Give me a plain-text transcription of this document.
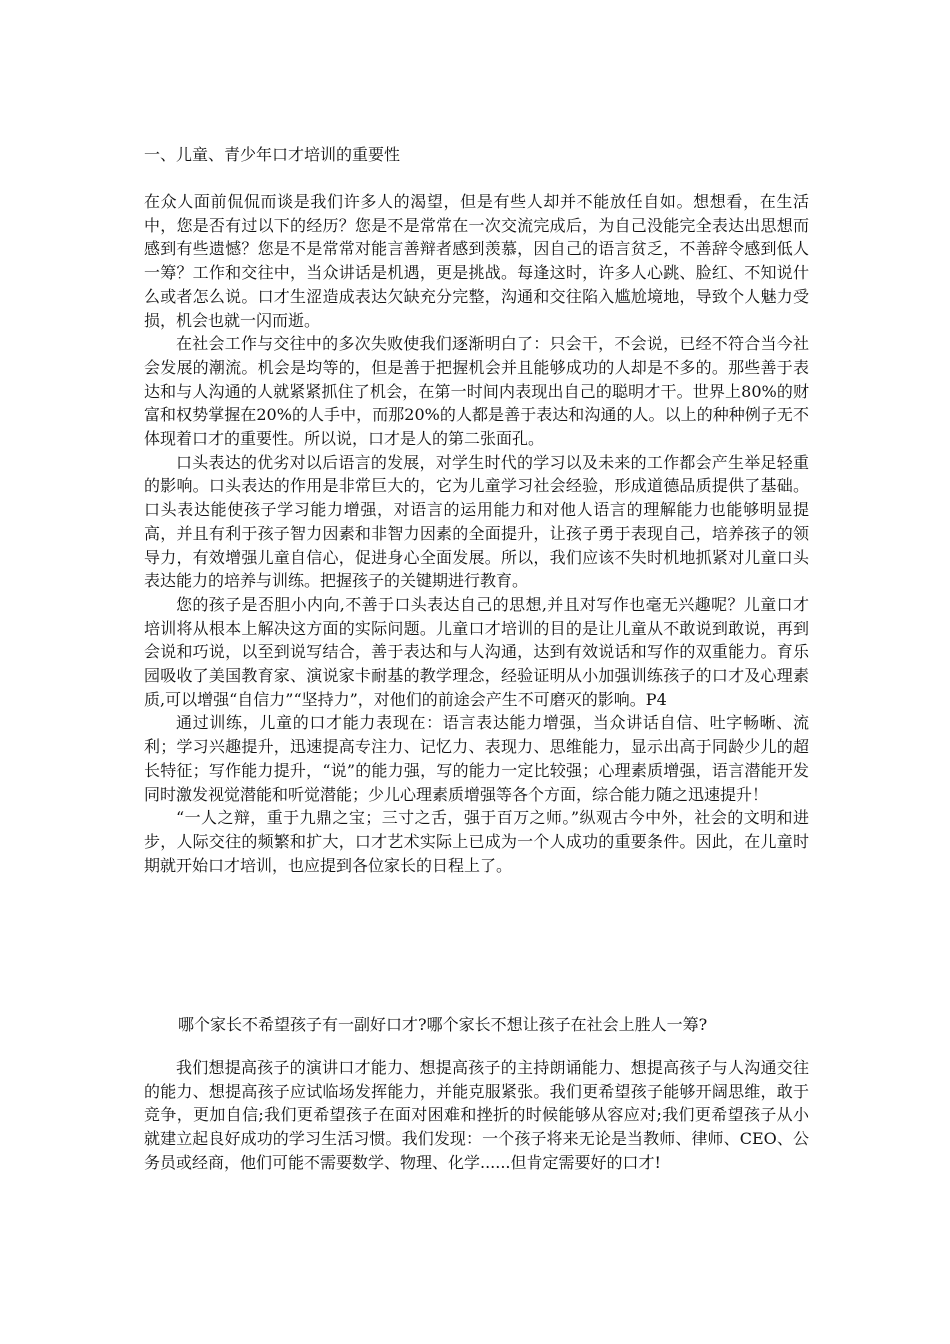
一、儿童、青少年口才培训的重要性

在众人面前侃侃而谈是我们许多人的渴望，但是有些人却并不能放任自如。想想看，在生活中，您是否有过以下的经历？您是不是常常在一次交流完成后，为自己没能完全表达出思想而感到有些遗憾？您是不是常常对能言善辩者感到羡慕，因自己的语言贫乏，不善辞令感到低人一筹？工作和交往中，当众讲话是机遇，更是挑战。每逢这时，许多人心跳、脸红、不知说什么或者怎么说。口才生涩造成表达欠缺充分完整，沟通和交往陷入尴尬境地，导致个人魅力受损，机会也就一闪而逝。

在社会工作与交往中的多次失败使我们逐渐明白了：只会干，不会说，已经不符合当今社会发展的潮流。机会是均等的，但是善于把握机会并且能够成功的人却是不多的。那些善于表达和与人沟通的人就紧紧抓住了机会，在第一时间内表现出自己的聪明才干。世界上80%的财富和权势掌握在20%的人手中，而那20%的人都是善于表达和沟通的人。以上的种种例子无不体现着口才的重要性。所以说，口才是人的第二张面孔。

口头表达的优劣对以后语言的发展，对学生时代的学习以及未来的工作都会产生举足轻重的影响。口头表达的作用是非常巨大的，它为儿童学习社会经验，形成道德品质提供了基础。口头表达能使孩子学习能力增强，对语言的运用能力和对他人语言的理解能力也能够明显提高，并且有利于孩子智力因素和非智力因素的全面提升，让孩子勇于表现自己，培养孩子的领导力，有效增强儿童自信心，促进身心全面发展。所以，我们应该不失时机地抓紧对儿童口头表达能力的培养与训练。把握孩子的关键期进行教育。

您的孩子是否胆小内向,不善于口头表达自己的思想,并且对写作也毫无兴趣呢？儿童口才培训将从根本上解决这方面的实际问题。儿童口才培训的目的是让儿童从不敢说到敢说，再到会说和巧说，以至到说写结合，善于表达和与人沟通，达到有效说话和写作的双重能力。育乐园吸收了美国教育家、演说家卡耐基的教学理念，经验证明从小加强训练孩子的口才及心理素质,可以增强“自信力”“坚持力”，对他们的前途会产生不可磨灭的影响。P4

通过训练，儿童的口才能力表现在：语言表达能力增强，当众讲话自信、吐字畅晰、流利；学习兴趣提升，迅速提高专注力、记忆力、表现力、思维能力，显示出高于同龄少儿的超长特征；写作能力提升，“说”的能力强，写的能力一定比较强；心理素质增强，语言潜能开发同时激发视觉潜能和听觉潜能；少儿心理素质增强等各个方面，综合能力随之迅速提升！

“一人之辩，重于九鼎之宝；三寸之舌，强于百万之师。”纵观古今中外，社会的文明和进步，人际交往的频繁和扩大，口才艺术实际上已成为一个人成功的重要条件。因此，在儿童时期就开始口才培训，也应提到各位家长的日程上了。

哪个家长不希望孩子有一副好口才?哪个家长不想让孩子在社会上胜人一筹?

我们想提高孩子的演讲口才能力、想提高孩子的主持朗诵能力、想提高孩子与人沟通交往的能力、想提高孩子应试临场发挥能力，并能克服紧张。我们更希望孩子能够开阔思维，敢于竞争，更加自信;我们更希望孩子在面对困难和挫折的时候能够从容应对;我们更希望孩子从小就建立起良好成功的学习生活习惯。我们发现：一个孩子将来无论是当教师、律师、CEO、公务员或经商，他们可能不需要数学、物理、化学......但肯定需要好的口才!
